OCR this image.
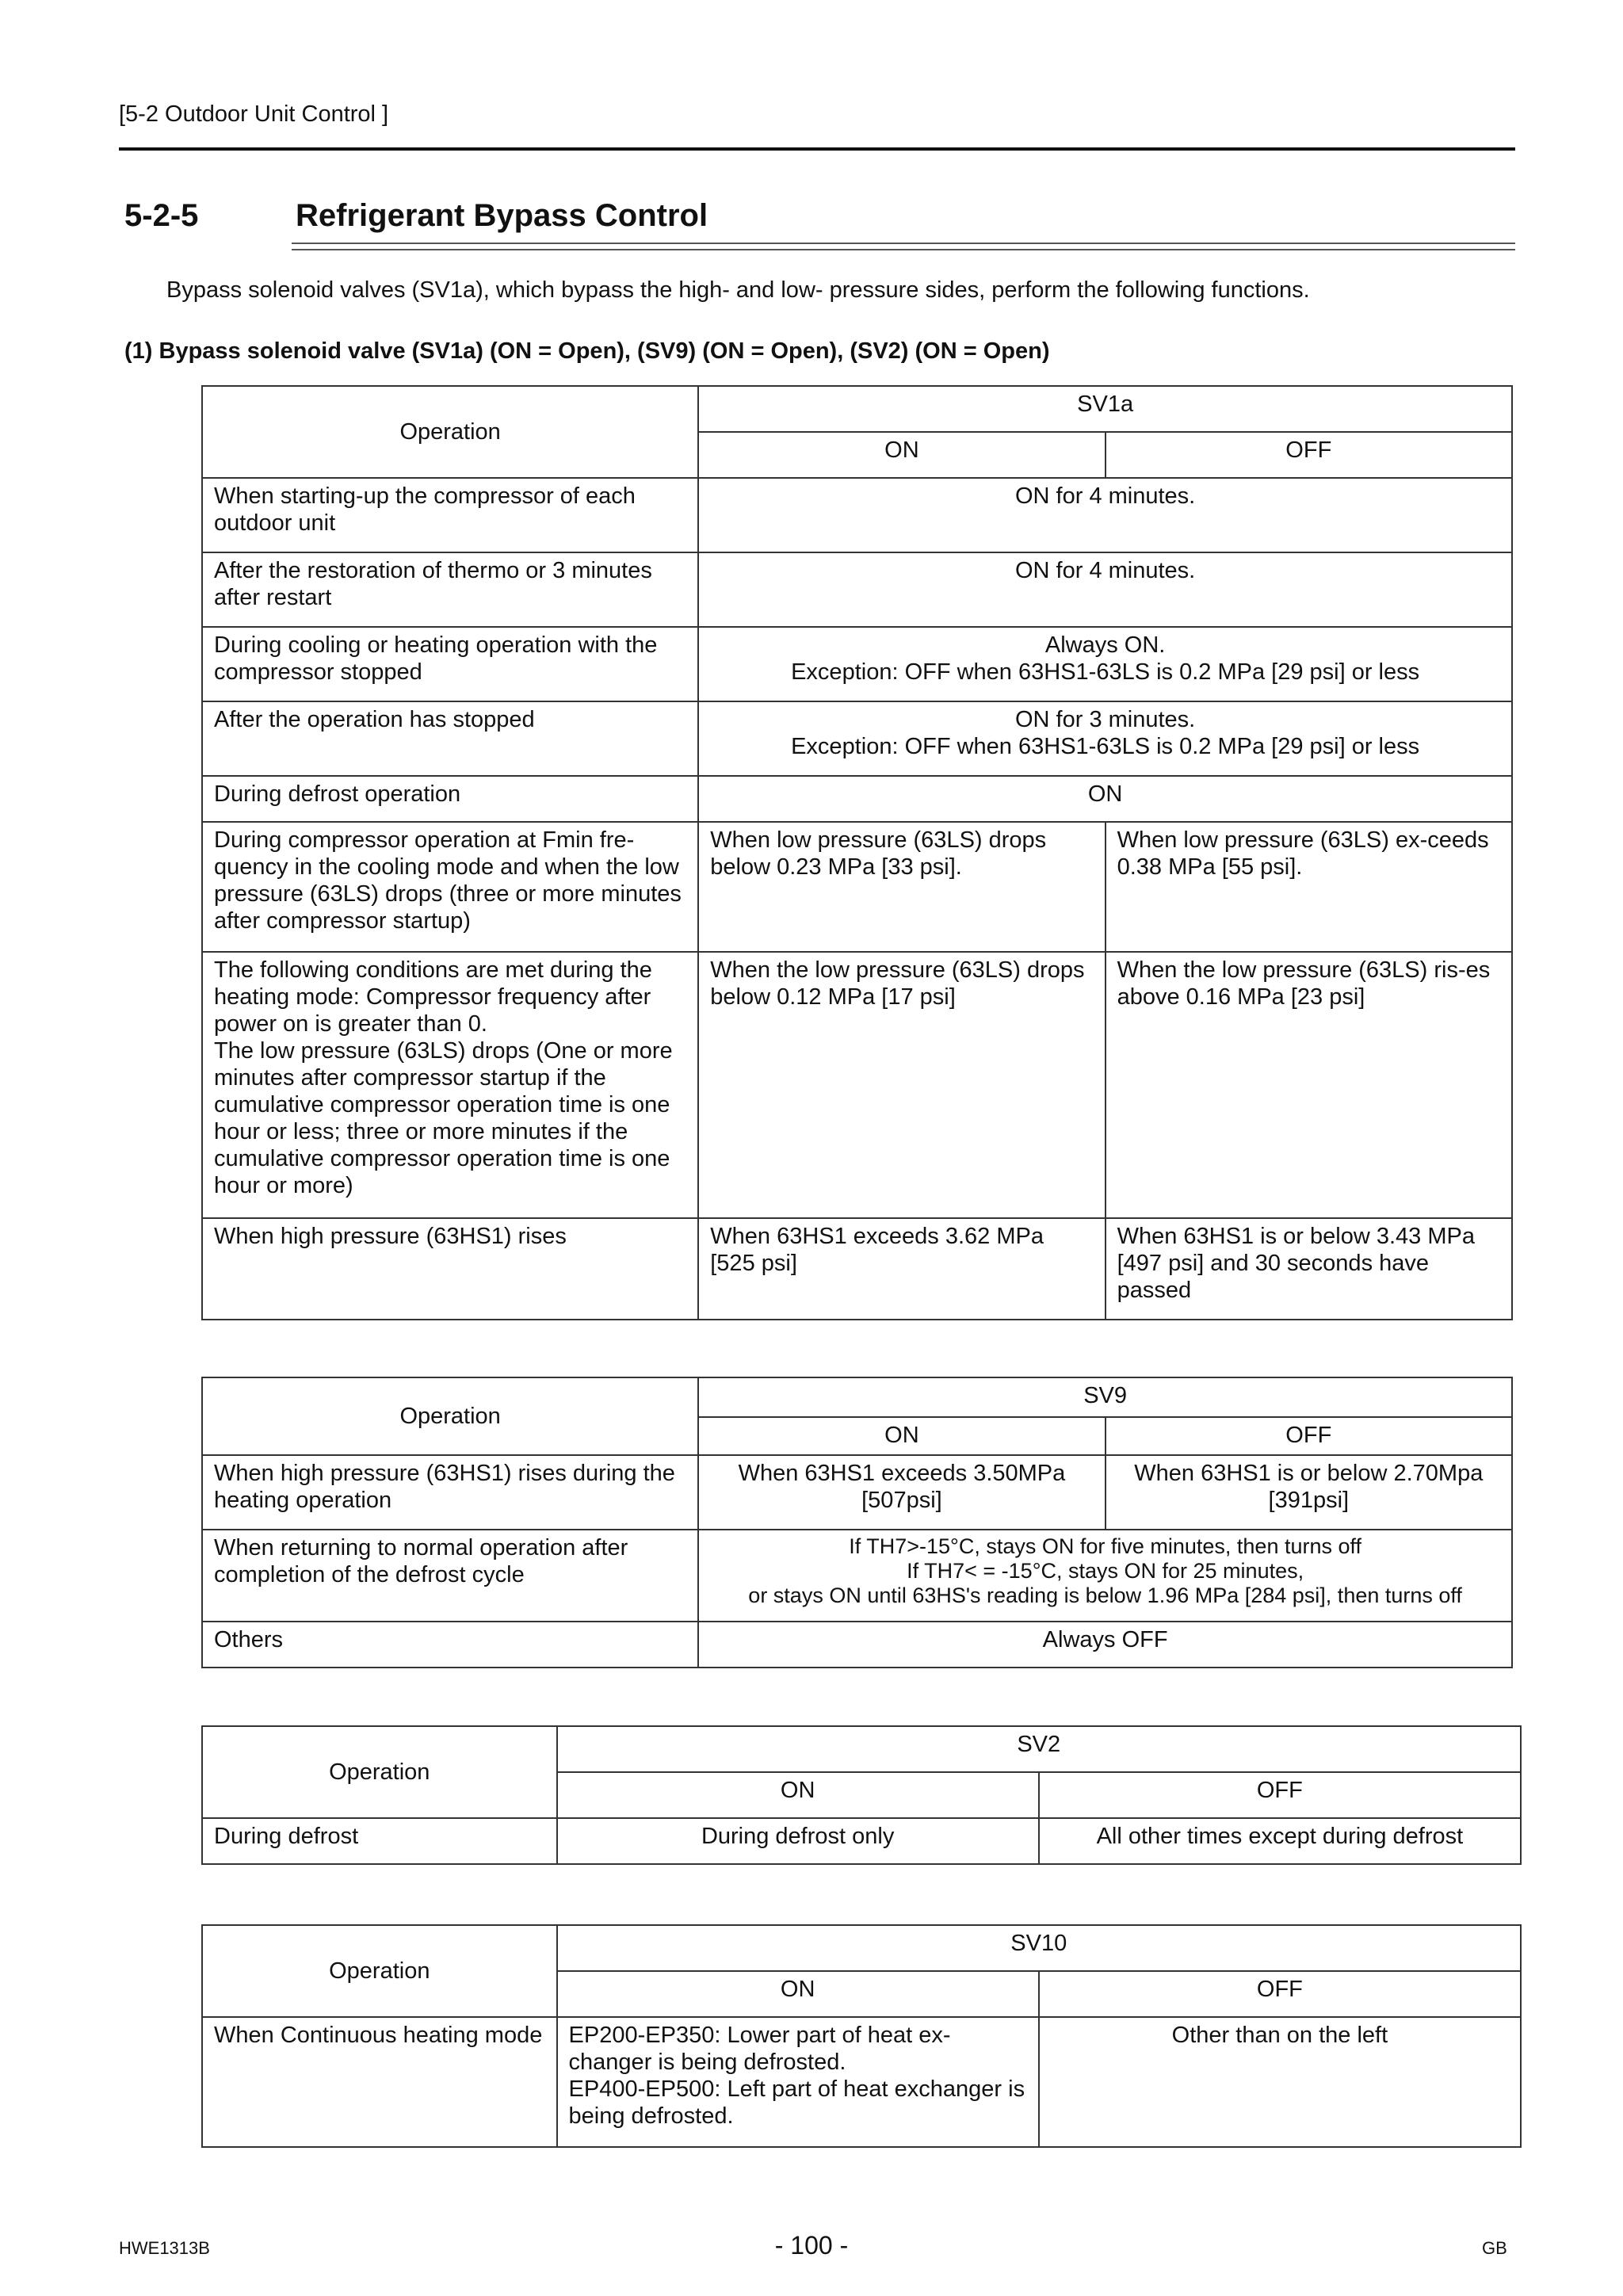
[5-2 Outdoor Unit Control ]
5-2-5	Refrigerant Bypass Control
Bypass solenoid valves (SV1a), which bypass the high- and low- pressure sides, perform the following functions.
(1) Bypass solenoid valve (SV1a) (ON = Open), (SV9) (ON = Open), (SV2) (ON = Open)
Operation	SV1a	
	ON	OFF
When starting-up the compressor of each outdoor unit	ON for 4 minutes.	
After the restoration of thermo or 3 minutes after restart	ON for 4 minutes.	
During cooling or heating operation with the compressor stopped	Always ON.
Exception: OFF when 63HS1-63LS is 0.2 MPa [29 psi] or less	

After the operation has stopped	ON for 3 minutes.
Exception: OFF when 63HS1-63LS is 0.2 MPa [29 psi] or less	

During defrost operation	ON	
During compressor operation at Fmin fre-quency in the cooling mode and when the low pressure (63LS) drops (three or more minutes after compressor startup)	When low pressure (63LS) drops below 0.23 MPa [33 psi].	When low pressure (63LS) ex-ceeds 0.38 MPa [55 psi].

The following conditions are met during the heating mode: Compressor frequency after power on is greater than 0.
The low pressure (63LS) drops (One or more minutes after compressor startup if the cumulative compressor operation time is one hour or less; three or more minutes if the cumulative compressor operation time is one hour or more)	When the low pressure (63LS) drops below 0.12 MPa [17 psi]	When the low pressure (63LS) ris-es above 0.16 MPa [23 psi]
When high pressure (63HS1) rises	When 63HS1 exceeds 3.62 MPa [525 psi]	When 63HS1 is or below 3.43 MPa [497 psi] and 30 seconds have passed
Operation	SV9	
	ON	OFF
When high pressure (63HS1) rises during the heating operation	When 63HS1 exceeds 3.50MPa [507psi]	When 63HS1 is or below 2.70Mpa [391psi]
When returning to normal operation after completion of the defrost cycle	If TH7>-15°C, stays ON for five minutes, then turns off
If TH7< = -15°C, stays ON for 25 minutes,
or stays ON until 63HS's reading is below 1.96 MPa [284 psi], then turns off	

Others	Always OFF	
Operation	SV2	
	ON	OFF
During defrost	During defrost only	All other times except during defrost
Operation	SV10	
	ON	OFF
When Continuous heating mode	EP200-EP350: Lower part of heat ex-changer is being defrosted.
EP400-EP500: Left part of heat exchanger is being defrosted.	Other than on the left
HWE1313B	- 100 -	GB
